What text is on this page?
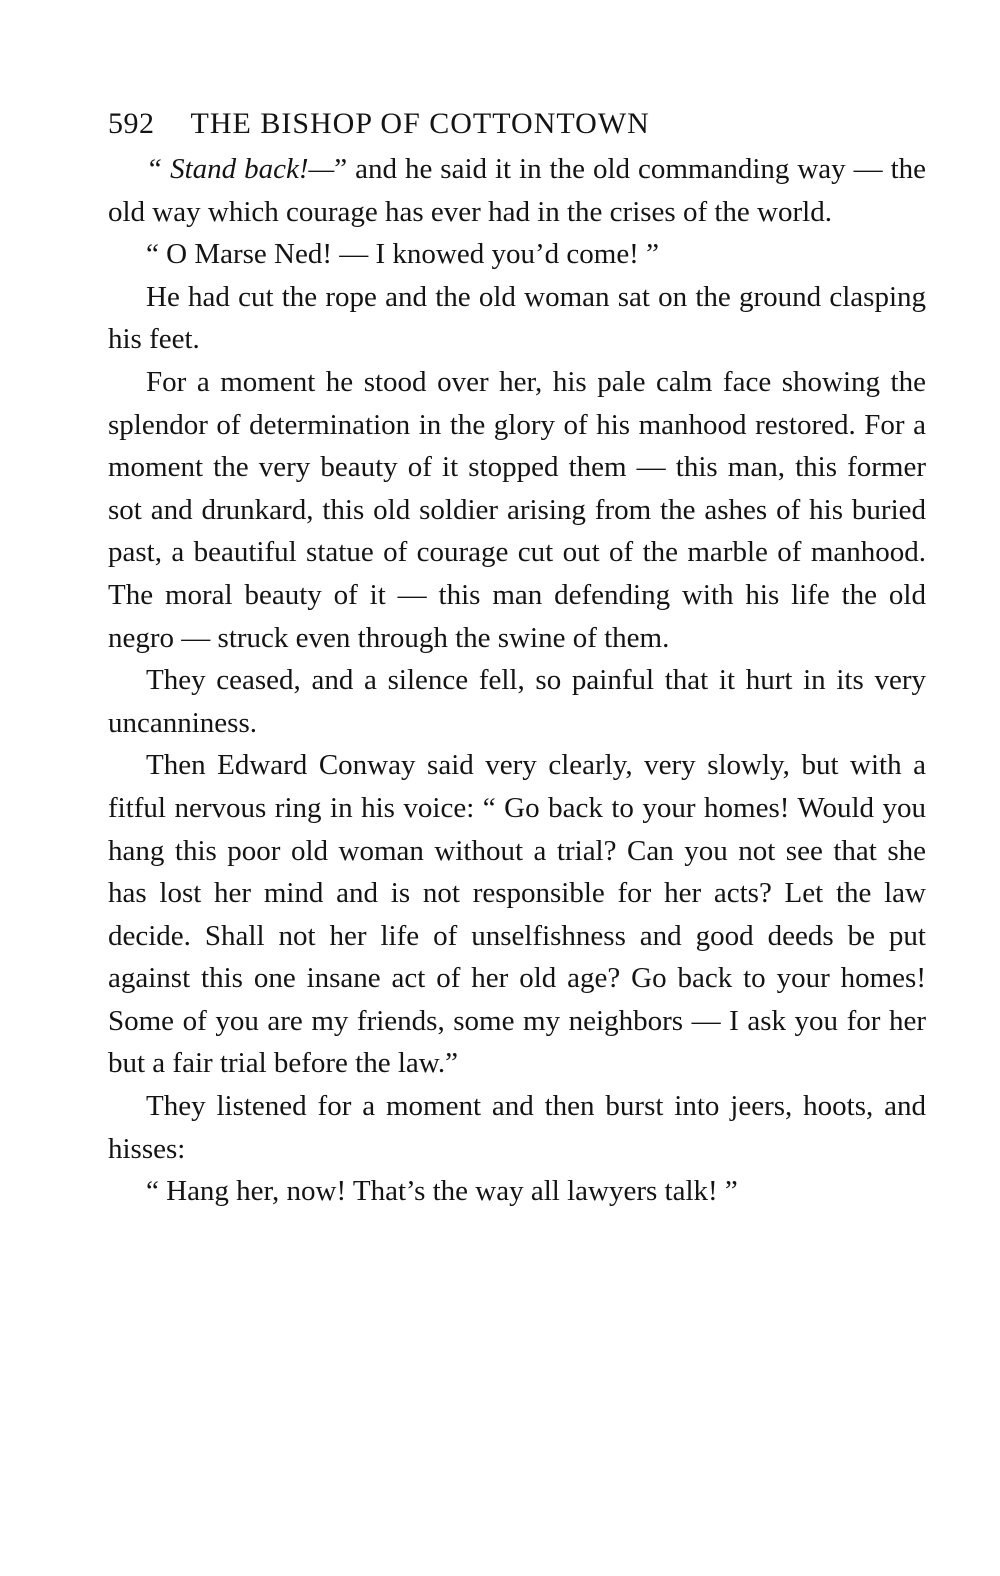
592 THE BISHOP OF COTTONTOWN

“ Stand back!—” and he said it in the old commanding way — the old way which courage has ever had in the crises of the world.

“ O Marse Ned! — I knowed you’d come! ”

He had cut the rope and the old woman sat on the ground clasping his feet.

For a moment he stood over her, his pale calm face showing the splendor of determination in the glory of his manhood restored. For a moment the very beauty of it stopped them — this man, this former sot and drunkard, this old soldier arising from the ashes of his buried past, a beautiful statue of courage cut out of the marble of manhood. The moral beauty of it — this man defending with his life the old negro — struck even through the swine of them.

They ceased, and a silence fell, so painful that it hurt in its very uncanniness.

Then Edward Conway said very clearly, very slowly, but with a fitful nervous ring in his voice: “ Go back to your homes! Would you hang this poor old woman without a trial? Can you not see that she has lost her mind and is not responsible for her acts? Let the law decide. Shall not her life of unselfishness and good deeds be put against this one insane act of her old age? Go back to your homes! Some of you are my friends, some my neighbors — I ask you for her but a fair trial before the law.”

They listened for a moment and then burst into jeers, hoots, and hisses:

“ Hang her, now! That’s the way all lawyers talk! ”
